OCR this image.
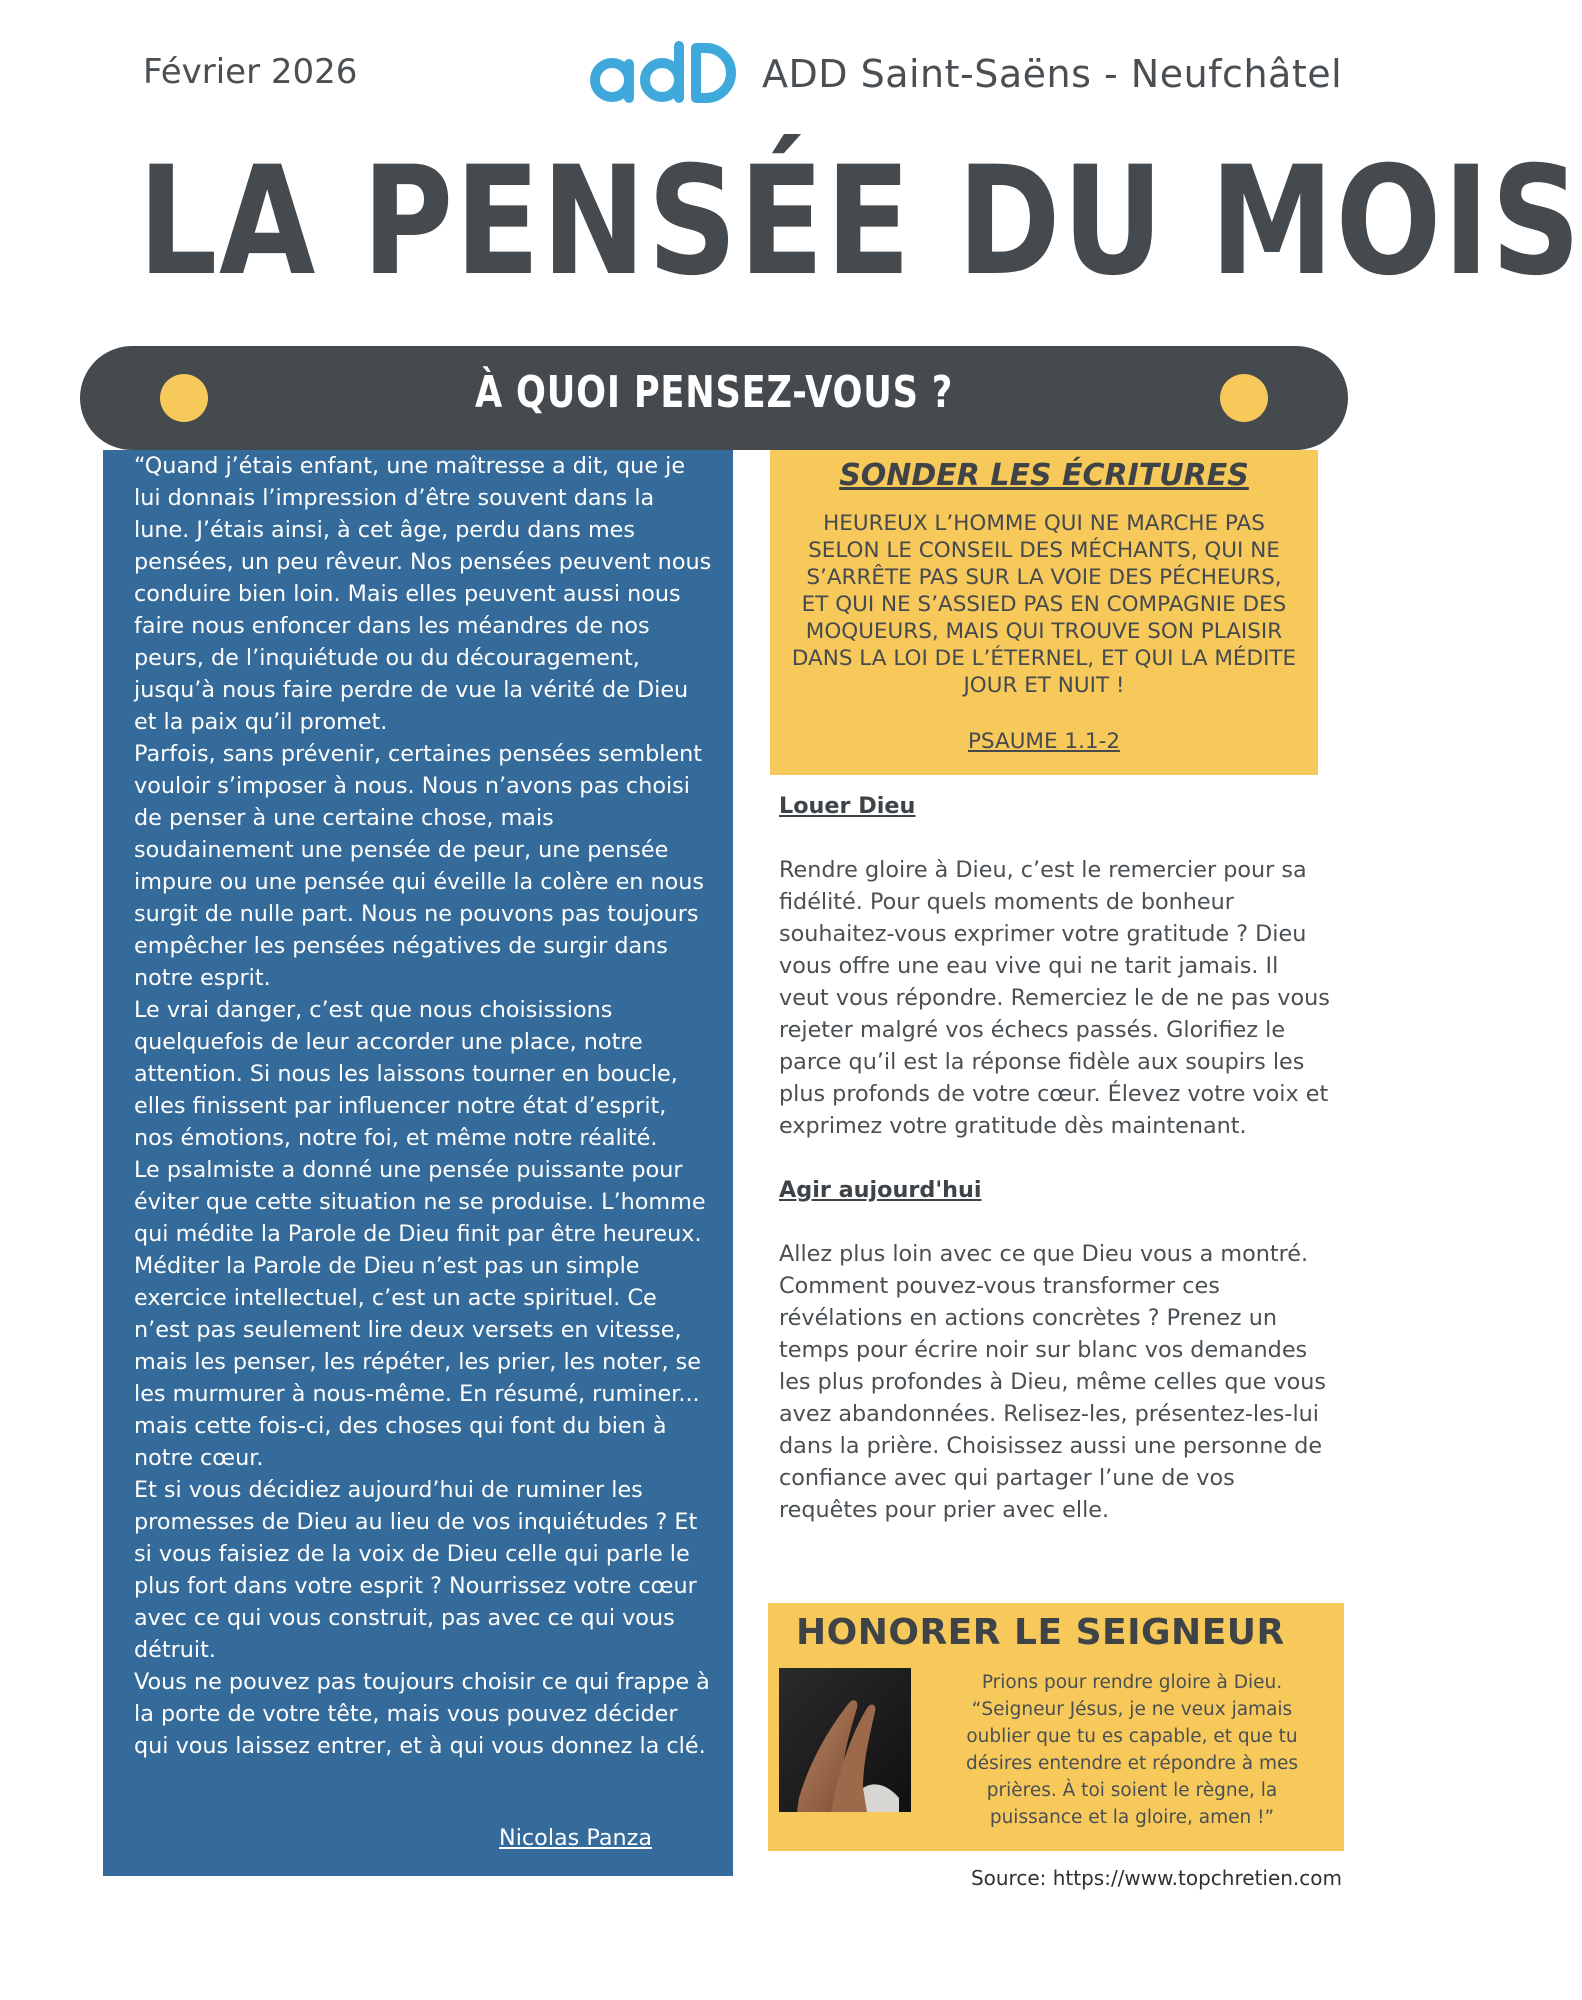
Février 2026	ADD Saint-Saëns - Neufchâtel
LA PENSÉE DU MOIS
À QUOI PENSEZ-VOUS ?

“Quand j’étais enfant, une maîtresse a dit, que je lui donnais l’impression d’être souvent dans la lune. J’étais ainsi, à cet âge, perdu dans mes pensées, un peu rêveur. Nos pensées peuvent nous conduire bien loin. Mais elles peuvent aussi nous faire nous enfoncer dans les méandres de nos peurs, de l’inquiétude ou du découragement, jusqu’à nous faire perdre de vue la vérité de Dieu et la paix qu’il promet.

Parfois, sans prévenir, certaines pensées semblent vouloir s’imposer à nous. Nous n’avons pas choisi de penser à une certaine chose, mais soudainement une pensée de peur, une pensée impure ou une pensée qui éveille la colère en nous surgit de nulle part. Nous ne pouvons pas toujours empêcher les pensées négatives de surgir dans notre esprit.

Le vrai danger, c’est que nous choisissions quelquefois de leur accorder une place, notre attention. Si nous les laissons tourner en boucle, elles finissent par influencer notre état d’esprit, nos émotions, notre foi, et même notre réalité.

Le psalmiste a donné une pensée puissante pour éviter que cette situation ne se produise. L’homme qui médite la Parole de Dieu finit par être heureux.

Méditer la Parole de Dieu n’est pas un simple exercice intellectuel, c’est un acte spirituel. Ce n’est pas seulement lire deux versets en vitesse, mais les penser, les répéter, les prier, les noter, se les murmurer à nous-même. En résumé, ruminer... mais cette fois-ci, des choses qui font du bien à notre cœur.

Et si vous décidiez aujourd’hui de ruminer les promesses de Dieu au lieu de vos inquiétudes ? Et si vous faisiez de la voix de Dieu celle qui parle le plus fort dans votre esprit ? Nourrissez votre cœur avec ce qui vous construit, pas avec ce qui vous détruit.

Vous ne pouvez pas toujours choisir ce qui frappe à la porte de votre tête, mais vous pouvez décider qui vous laissez entrer, et à qui vous donnez la clé.

Nicolas Panza
SONDER LES ÉCRITURES
HEUREUX L’HOMME QUI NE MARCHE PAS SELON LE CONSEIL DES MÉCHANTS, QUI NE S’ARRÊTE PAS SUR LA VOIE DES PÉCHEURS, ET QUI NE S’ASSIED PAS EN COMPAGNIE DES MOQUEURS, MAIS QUI TROUVE SON PLAISIR DANS LA LOI DE L’ÉTERNEL, ET QUI LA MÉDITE JOUR ET NUIT !
PSAUME 1.1-2

Louer Dieu

Rendre gloire à Dieu, c’est le remercier pour sa fidélité. Pour quels moments de bonheur souhaitez-vous exprimer votre gratitude ? Dieu vous offre une eau vive qui ne tarit jamais. Il veut vous répondre. Remerciez le de ne pas vous rejeter malgré vos échecs passés. Glorifiez le parce qu’il est la réponse fidèle aux soupirs les plus profonds de votre cœur. Élevez votre voix et exprimez votre gratitude dès maintenant.

Agir aujourd'hui

Allez plus loin avec ce que Dieu vous a montré. Comment pouvez-vous transformer ces révélations en actions concrètes ? Prenez un temps pour écrire noir sur blanc vos demandes les plus profondes à Dieu, même celles que vous avez abandonnées. Relisez-les, présentez-les-lui dans la prière. Choisissez aussi une personne de confiance avec qui partager l’une de vos requêtes pour prier avec elle.

HONORER LE SEIGNEUR
Prions pour rendre gloire à Dieu.
“Seigneur Jésus, je ne veux jamais oublier que tu es capable, et que tu désires entendre et répondre à mes prières. À toi soient le règne, la puissance et la gloire, amen !”
Source: https://www.topchretien.com
